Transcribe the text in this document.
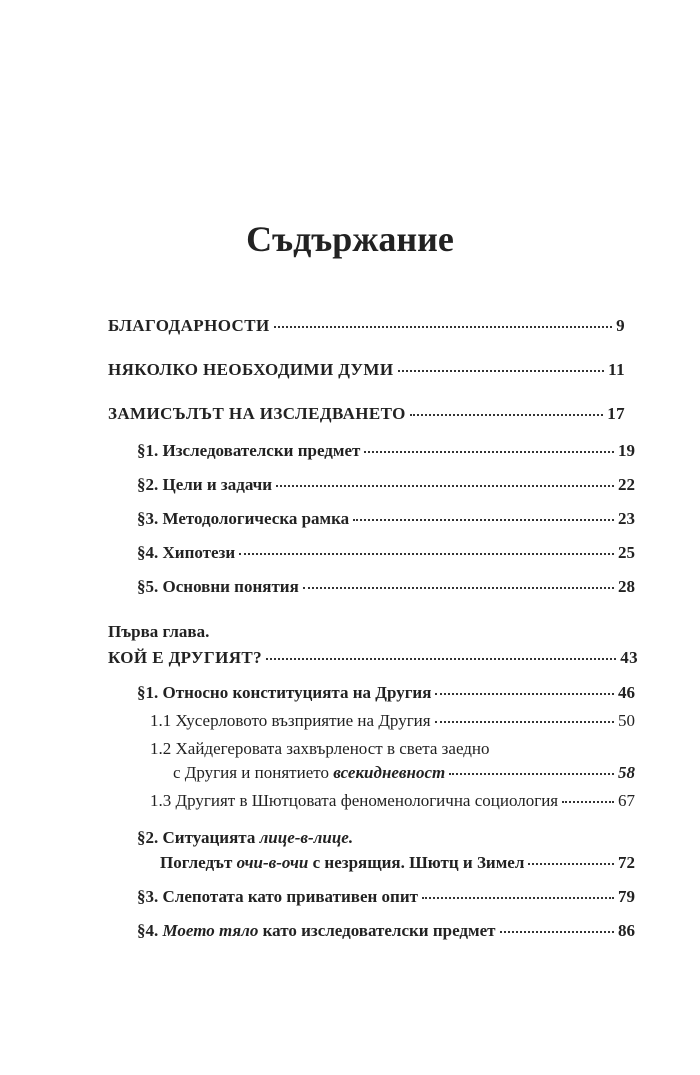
Съдържание
БЛАГОДАРНОСТИ	9
НЯКОЛКО НЕОБХОДИМИ ДУМИ	11
ЗАМИСЪЛЪТ НА ИЗСЛЕДВАНЕТО	17
§1. Изследователски предмет	19
§2. Цели и задачи	22
§3. Методологическа рамка	23
§4. Хипотези	25
§5. Основни понятия	28
Първа глава.
КОЙ Е ДРУГИЯТ?	43
§1. Относно конституцията на Другия	46
1.1 Хусерловото възприятие на Другия	50
1.2 Хайдегеровата захвърленост в света заедно
с Другия и понятието всекидневност	58
1.3 Другият в Шютцовата феноменологична социология	67
§2. Ситуацията лице-в-лице.
Погледът очи-в-очи с незрящия. Шютц и Зимел	72
§3. Слепотата като привативен опит	79
§4. Моето тяло като изследователски предмет	86
